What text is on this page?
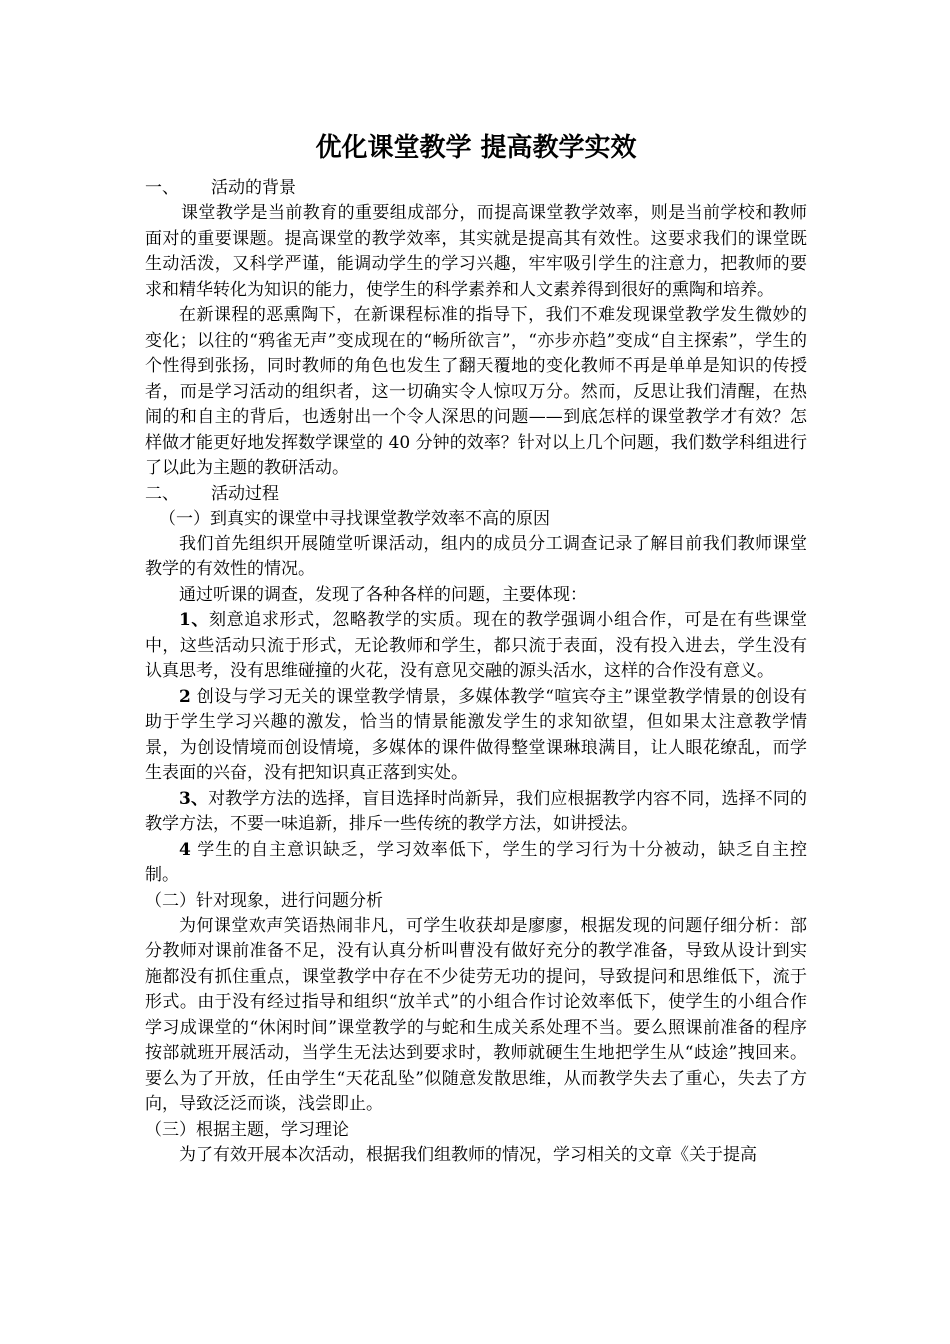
优化课堂教学 提高教学实效
一、 活动的背景

课堂教学是当前教育的重要组成部分，而提高课堂教学效率，则是当前学校和教师面对的重要课题。提高课堂的教学效率，其实就是提高其有效性。这要求我们的课堂既生动活泼，又科学严谨，能调动学生的学习兴趣，牢牢吸引学生的注意力，把教师的要求和精华转化为知识的能力，使学生的科学素养和人文素养得到很好的熏陶和培养。

在新课程的恶熏陶下，在新课程标准的指导下，我们不难发现课堂教学发生微妙的变化；以往的“鸦雀无声”变成现在的“畅所欲言”，“亦步亦趋”变成“自主探索”，学生的个性得到张扬，同时教师的角色也发生了翻天覆地的变化教师不再是单单是知识的传授者，而是学习活动的组织者，这一切确实令人惊叹万分。然而，反思让我们清醒，在热闹的和自主的背后，也透射出一个令人深思的问题——到底怎样的课堂教学才有效？怎样做才能更好地发挥数学课堂的 40 分钟的效率？针对以上几个问题，我们数学科组进行了以此为主题的教研活动。

二、 活动过程
（一）到真实的课堂中寻找课堂教学效率不高的原因

我们首先组织开展随堂听课活动，组内的成员分工调查记录了解目前我们教师课堂教学的有效性的情况。

通过听课的调查，发现了各种各样的问题，主要体现：

1、刻意追求形式，忽略教学的实质。现在的教学强调小组合作，可是在有些课堂中，这些活动只流于形式，无论教师和学生，都只流于表面，没有投入进去，学生没有认真思考，没有思维碰撞的火花，没有意见交融的源头活水，这样的合作没有意义。

2 创设与学习无关的课堂教学情景，多媒体教学“喧宾夺主”课堂教学情景的创设有助于学生学习兴趣的激发，恰当的情景能激发学生的求知欲望，但如果太注意教学情景，为创设情境而创设情境，多媒体的课件做得整堂课琳琅满目，让人眼花缭乱，而学生表面的兴奋，没有把知识真正落到实处。

3、对教学方法的选择，盲目选择时尚新异，我们应根据教学内容不同，选择不同的教学方法，不要一味追新，排斥一些传统的教学方法，如讲授法。

4 学生的自主意识缺乏，学习效率低下，学生的学习行为十分被动，缺乏自主控制。

（二）针对现象，进行问题分析

为何课堂欢声笑语热闹非凡，可学生收获却是廖廖，根据发现的问题仔细分析：部分教师对课前准备不足，没有认真分析叫曹没有做好充分的教学准备，导致从设计到实施都没有抓住重点，课堂教学中存在不少徒劳无功的提问，导致提问和思维低下，流于形式。由于没有经过指导和组织“放羊式”的小组合作讨论效率低下，使学生的小组合作学习成课堂的“休闲时间”课堂教学的与蛇和生成关系处理不当。要么照课前准备的程序按部就班开展活动，当学生无法达到要求时，教师就硬生生地把学生从“歧途”拽回来。要么为了开放，任由学生“天花乱坠”似随意发散思维，从而教学失去了重心，失去了方向，导致泛泛而谈，浅尝即止。

（三）根据主题，学习理论

为了有效开展本次活动，根据我们组教师的情况，学习相关的文章《关于提高
